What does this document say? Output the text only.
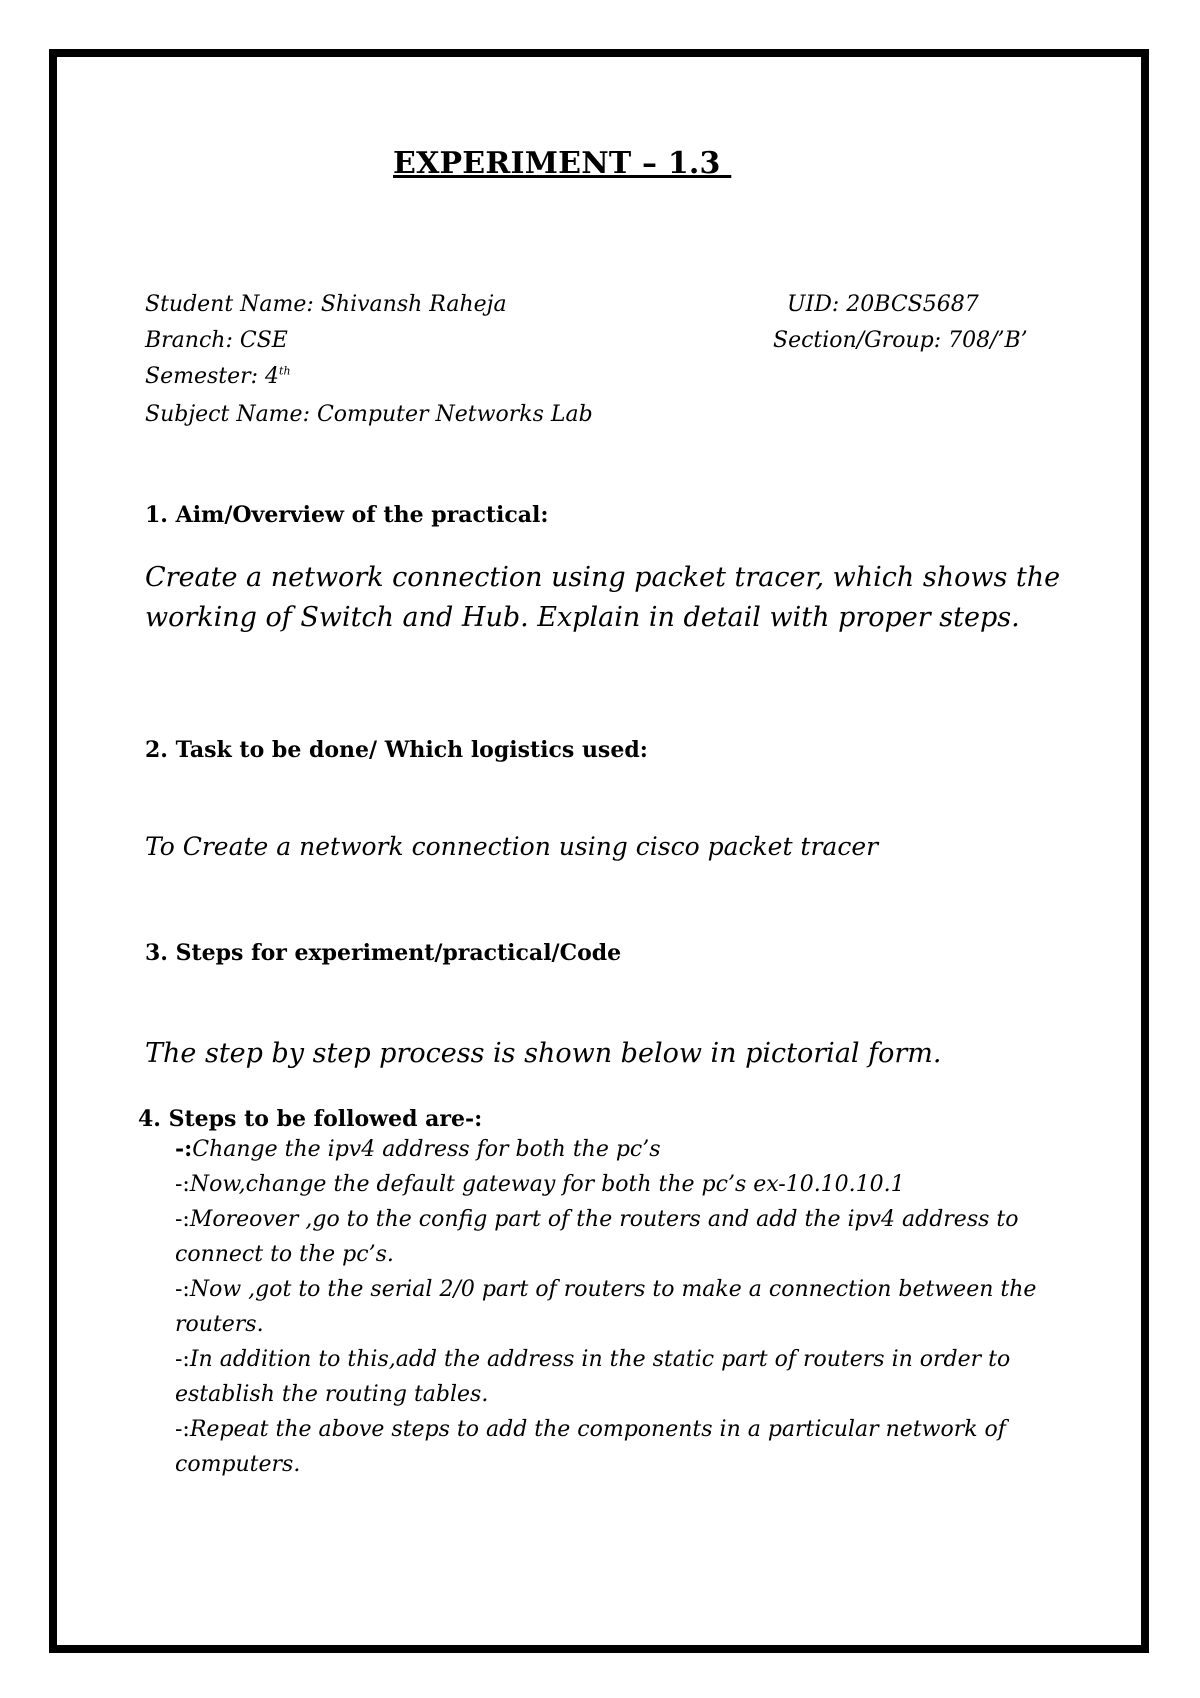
EXPERIMENT – 1.3
Student Name: Shivansh Raheja	UID: 20BCS5687
Branch: CSE	Section/Group: 708/’B’
Semester: 4th
Subject Name: Computer Networks Lab
1. Aim/Overview of the practical:
Create a network connection using packet tracer, which shows the working of Switch and Hub. Explain in detail with proper steps.
2. Task to be done/ Which logistics used:
To Create a network connection using cisco packet tracer
3. Steps for experiment/practical/Code
The step by step process is shown below in pictorial form.
4. Steps to be followed are-:
-:Change the ipv4 address for both the pc’s
-:Now,change the default gateway for both the pc’s ex-10.10.10.1
-:Moreover ,go to the config part of the routers and add the ipv4 address to connect to the pc’s.
-:Now ,got to the serial 2/0 part of routers to make a connection between the routers.
-:In addition to this,add the address in the static part of routers in order to establish the routing tables.
-:Repeat the above steps to add the components in a particular network of computers.
